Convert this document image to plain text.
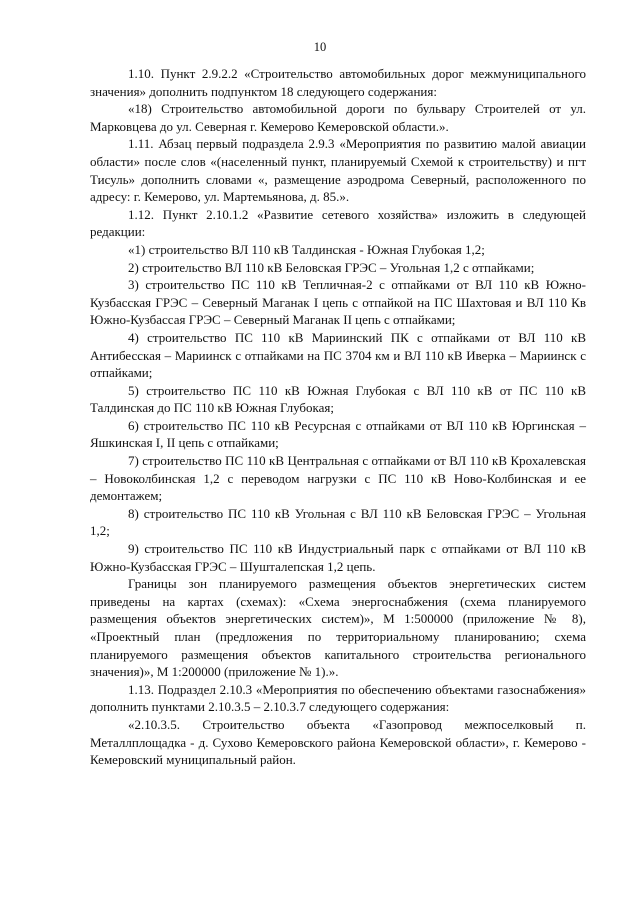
10

1.10. Пункт 2.9.2.2 «Строительство автомобильных дорог межмуниципального значения» дополнить подпунктом 18 следующего содержания:

«18) Строительство автомобильной дороги по бульвару Строителей от ул. Марковцева до ул. Северная г. Кемерово Кемеровской области.».

1.11. Абзац первый подраздела 2.9.3 «Мероприятия по развитию малой авиации области» после слов «(населенный пункт, планируемый Схемой к строительству) и пгт Тисуль» дополнить словами «, размещение аэродрома Северный, расположенного по адресу: г. Кемерово, ул. Мартемьянова, д. 85.».

1.12. Пункт 2.10.1.2 «Развитие сетевого хозяйства» изложить в следующей редакции:

«1) строительство ВЛ 110 кВ Талдинская - Южная Глубокая 1,2;

2) строительство ВЛ 110 кВ Беловская ГРЭС – Угольная 1,2 с отпайками;

3) строительство ПС 110 кВ Тепличная-2 с отпайками от ВЛ 110 кВ Южно-Кузбасская ГРЭС – Северный Маганак I цепь с отпайкой на ПС Шахтовая и ВЛ 110 Кв Южно-Кузбассая ГРЭС – Северный Маганак II цепь с отпайками;

4) строительство ПС 110 кВ Мариинский ПК с отпайками от ВЛ 110 кВ Антибесская – Мариинск с отпайками на ПС 3704 км и ВЛ 110 кВ Иверка – Мариинск с отпайками;

5) строительство ПС 110 кВ Южная Глубокая с ВЛ 110 кВ от ПС 110 кВ Талдинская до ПС 110 кВ Южная Глубокая;

6) строительство ПС 110 кВ Ресурсная с отпайками от ВЛ 110 кВ Юргинская – Яшкинская I, II цепь с отпайками;

7) строительство ПС 110 кВ Центральная с отпайками от ВЛ 110 кВ Крохалевская – Новоколбинская 1,2 с переводом нагрузки с ПС 110 кВ Ново-Колбинская и ее демонтажем;

8) строительство ПС 110 кВ Угольная с ВЛ 110 кВ Беловская ГРЭС – Угольная 1,2;

9) строительство ПС 110 кВ Индустриальный парк с отпайками от ВЛ 110 кВ Южно-Кузбасская ГРЭС – Шушталепская 1,2 цепь.

Границы зон планируемого размещения объектов энергетических систем приведены на картах (схемах): «Схема энергоснабжения (схема планируемого размещения объектов энергетических систем)», М 1:500000 (приложение № 8), «Проектный план (предложения по территориальному планированию; схема планируемого размещения объектов капитального строительства регионального значения)», М 1:200000 (приложение № 1).».

1.13. Подраздел 2.10.3 «Мероприятия по обеспечению объектами газоснабжения» дополнить пунктами 2.10.3.5 – 2.10.3.7 следующего содержания:

«2.10.3.5. Строительство объекта «Газопровод межпоселковый п. Металлплощадка - д. Сухово Кемеровского района Кемеровской области», г. Кемерово - Кемеровский муниципальный район.
